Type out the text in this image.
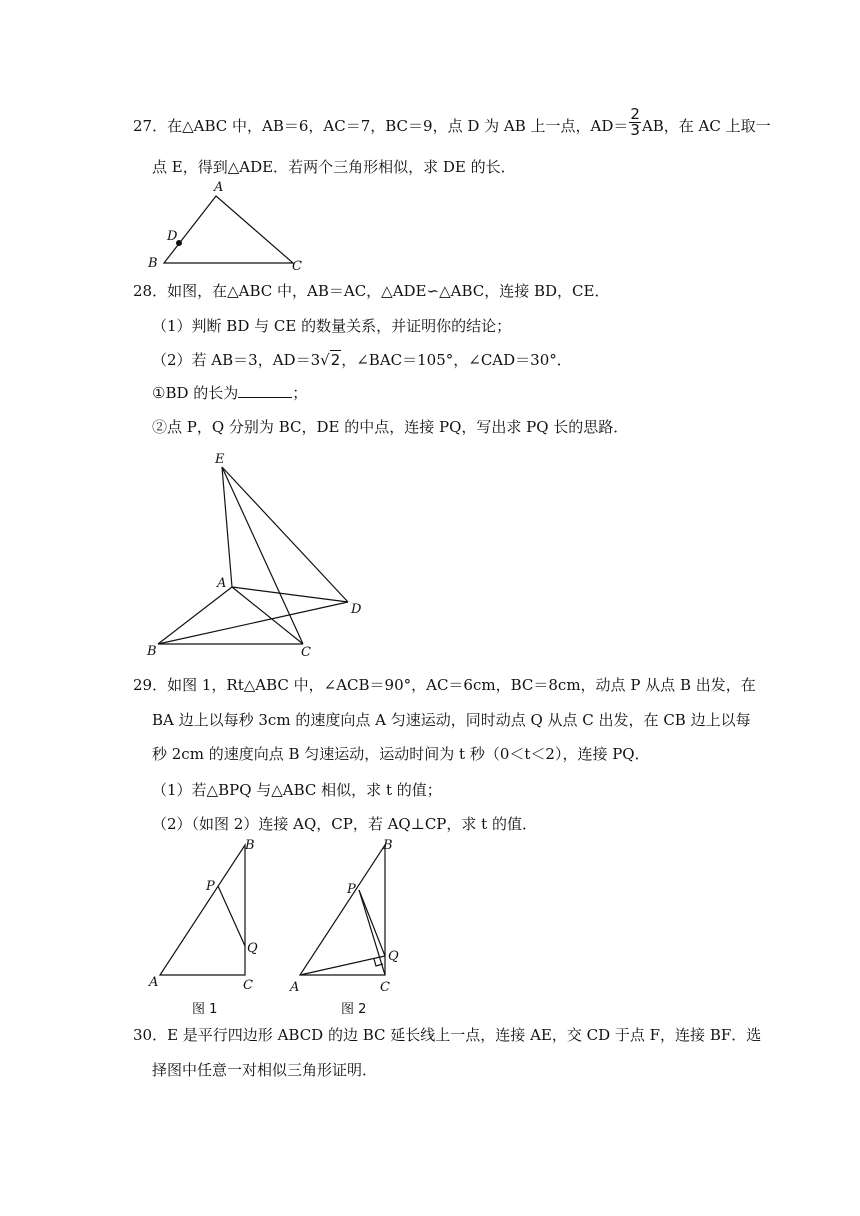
27．在△ABC 中，AB＝6，AC＝7，BC＝9，点 D 为 AB 上一点，$AD= \frac{2}{3}$ AB，在 AC 上取一
点 E，得到△ADE．若两个三角形相似，求 DE 的长．
A
B	C
D
28．如图，在△ABC 中，AB＝AC，△ADE∽△ABC，连接 BD，CE．
（1）判断 BD 与 CE 的数量关系，并证明你的结论；
（2）若 AB＝3，AD＝3√2，∠BAC＝105°，∠CAD＝30°．
①BD 的长为	；
②点 P，Q 分别为 BC，DE 的中点，连接 PQ，写出求 PQ 长的思路．
E
A
B	C
D
29．如图 1，Rt△ABC 中，∠ACB＝90°，AC＝6cm，BC＝8cm，动点 P 从点 B 出发，在
BA 边上以每秒 3cm 的速度向点 A 匀速运动，同时动点 Q 从点 C 出发，在 CB 边上以每
秒 2cm 的速度向点 B 匀速运动，运动时间为 t 秒（0＜t＜2），连接 PQ．
（1）若△BPQ 与△ABC 相似，求 t 的值；
（2）（如图 2）连接 AQ，CP，若 AQ⊥CP，求 t 的值．
B
P
Q
A	C
图 1
B
P
Q
A	C
图 2
30．E 是平行四边形 ABCD 的边 BC 延长线上一点，连接 AE，交 CD 于点 F，连接 BF．选
择图中任意一对相似三角形证明．
